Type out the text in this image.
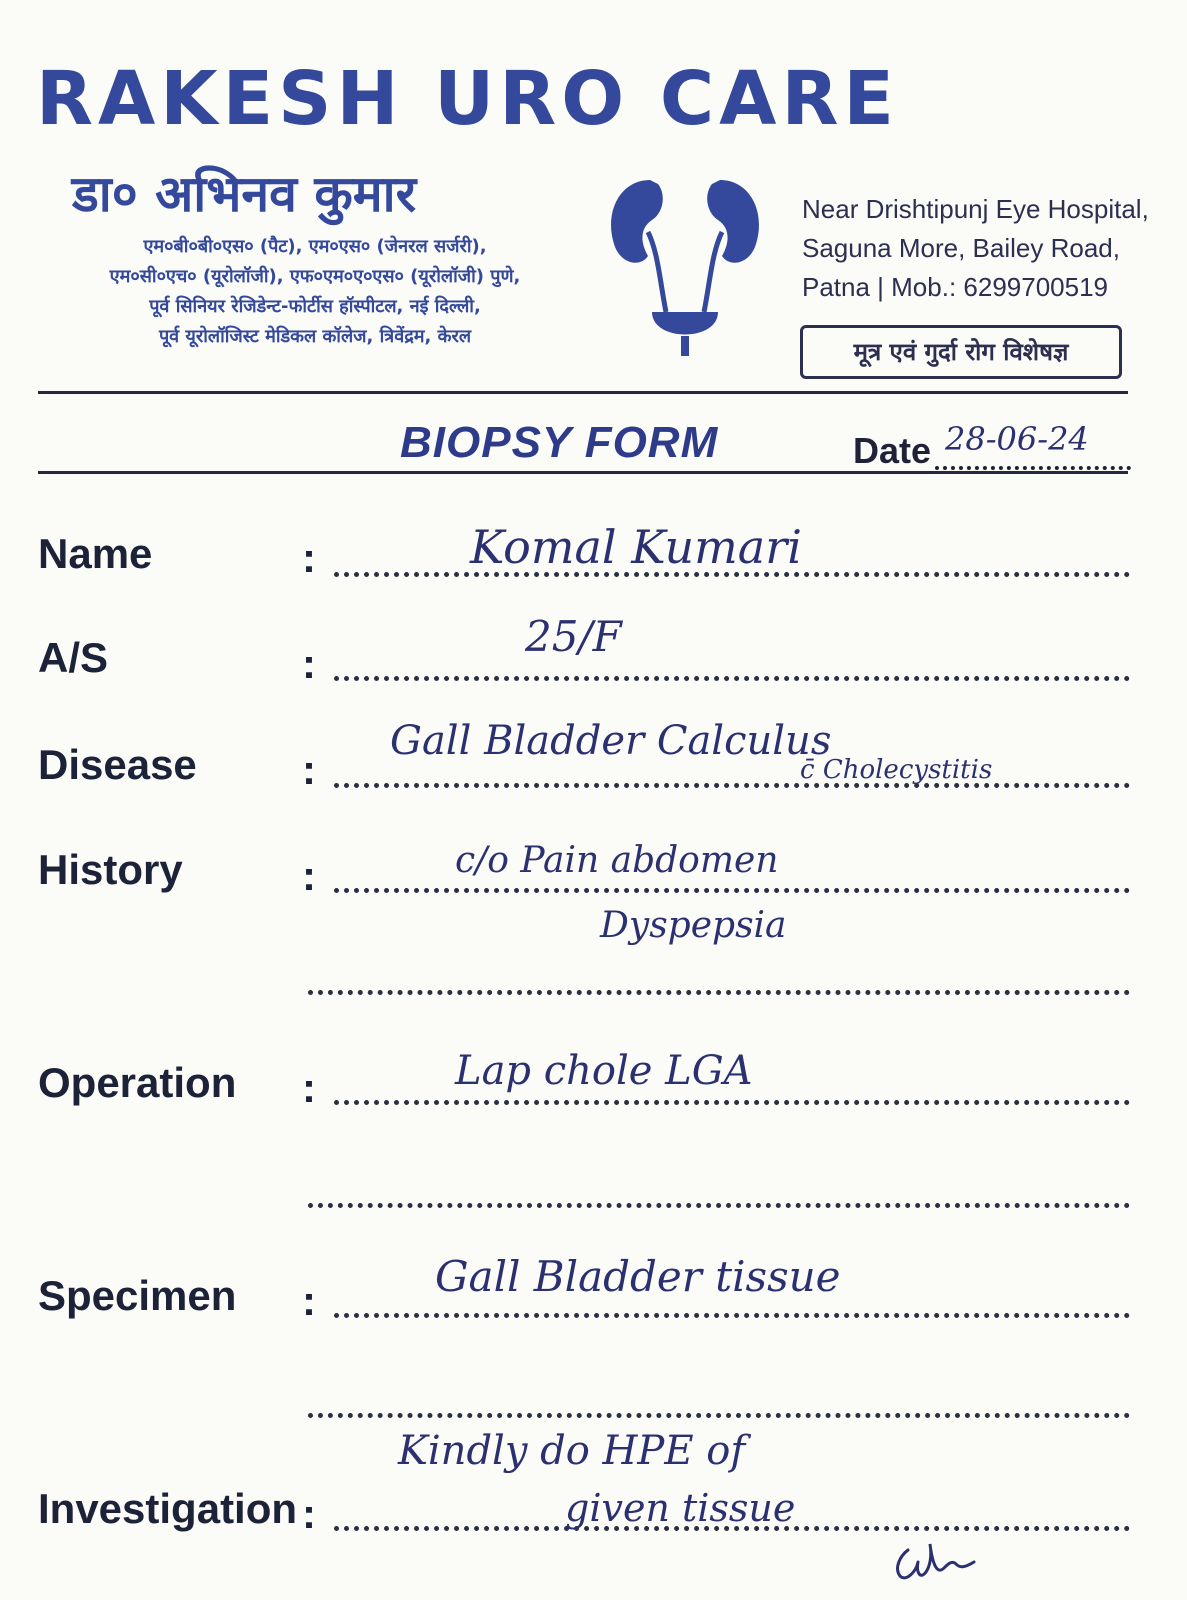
RAKESH URO CARE
डा० अभिनव कुमार
एम०बी०बी०एस० (पैट), एम०एस० (जेनरल सर्जरी),
एम०सी०एच० (यूरोलॉजी), एफ०एम०ए०एस० (यूरोलॉजी) पुणे,
पूर्व सिनियर रेजिडेन्ट-फोर्टीस हॉस्पीटल, नई दिल्ली,
पूर्व यूरोलॉजिस्ट मेडिकल कॉलेज, त्रिवेंद्रम, केरल
Near Drishtipunj Eye Hospital,
Saguna More, Bailey Road,
Patna | Mob.: 6299700519
मूत्र एवं गुर्दा रोग विशेषज्ञ
BIOPSY FORM	Date 28-06-24
Name	:	Komal Kumari
A/S	:
25/F
Disease	:
Gall Bladder Calculus
c̄ Cholecystitis
History	:	c/o Pain abdomen
Dyspepsia
Operation :	Lap chole LGA
Specimen :	Gall Bladder tissue
Investigation :
Kindly do HPE of
given tissue
